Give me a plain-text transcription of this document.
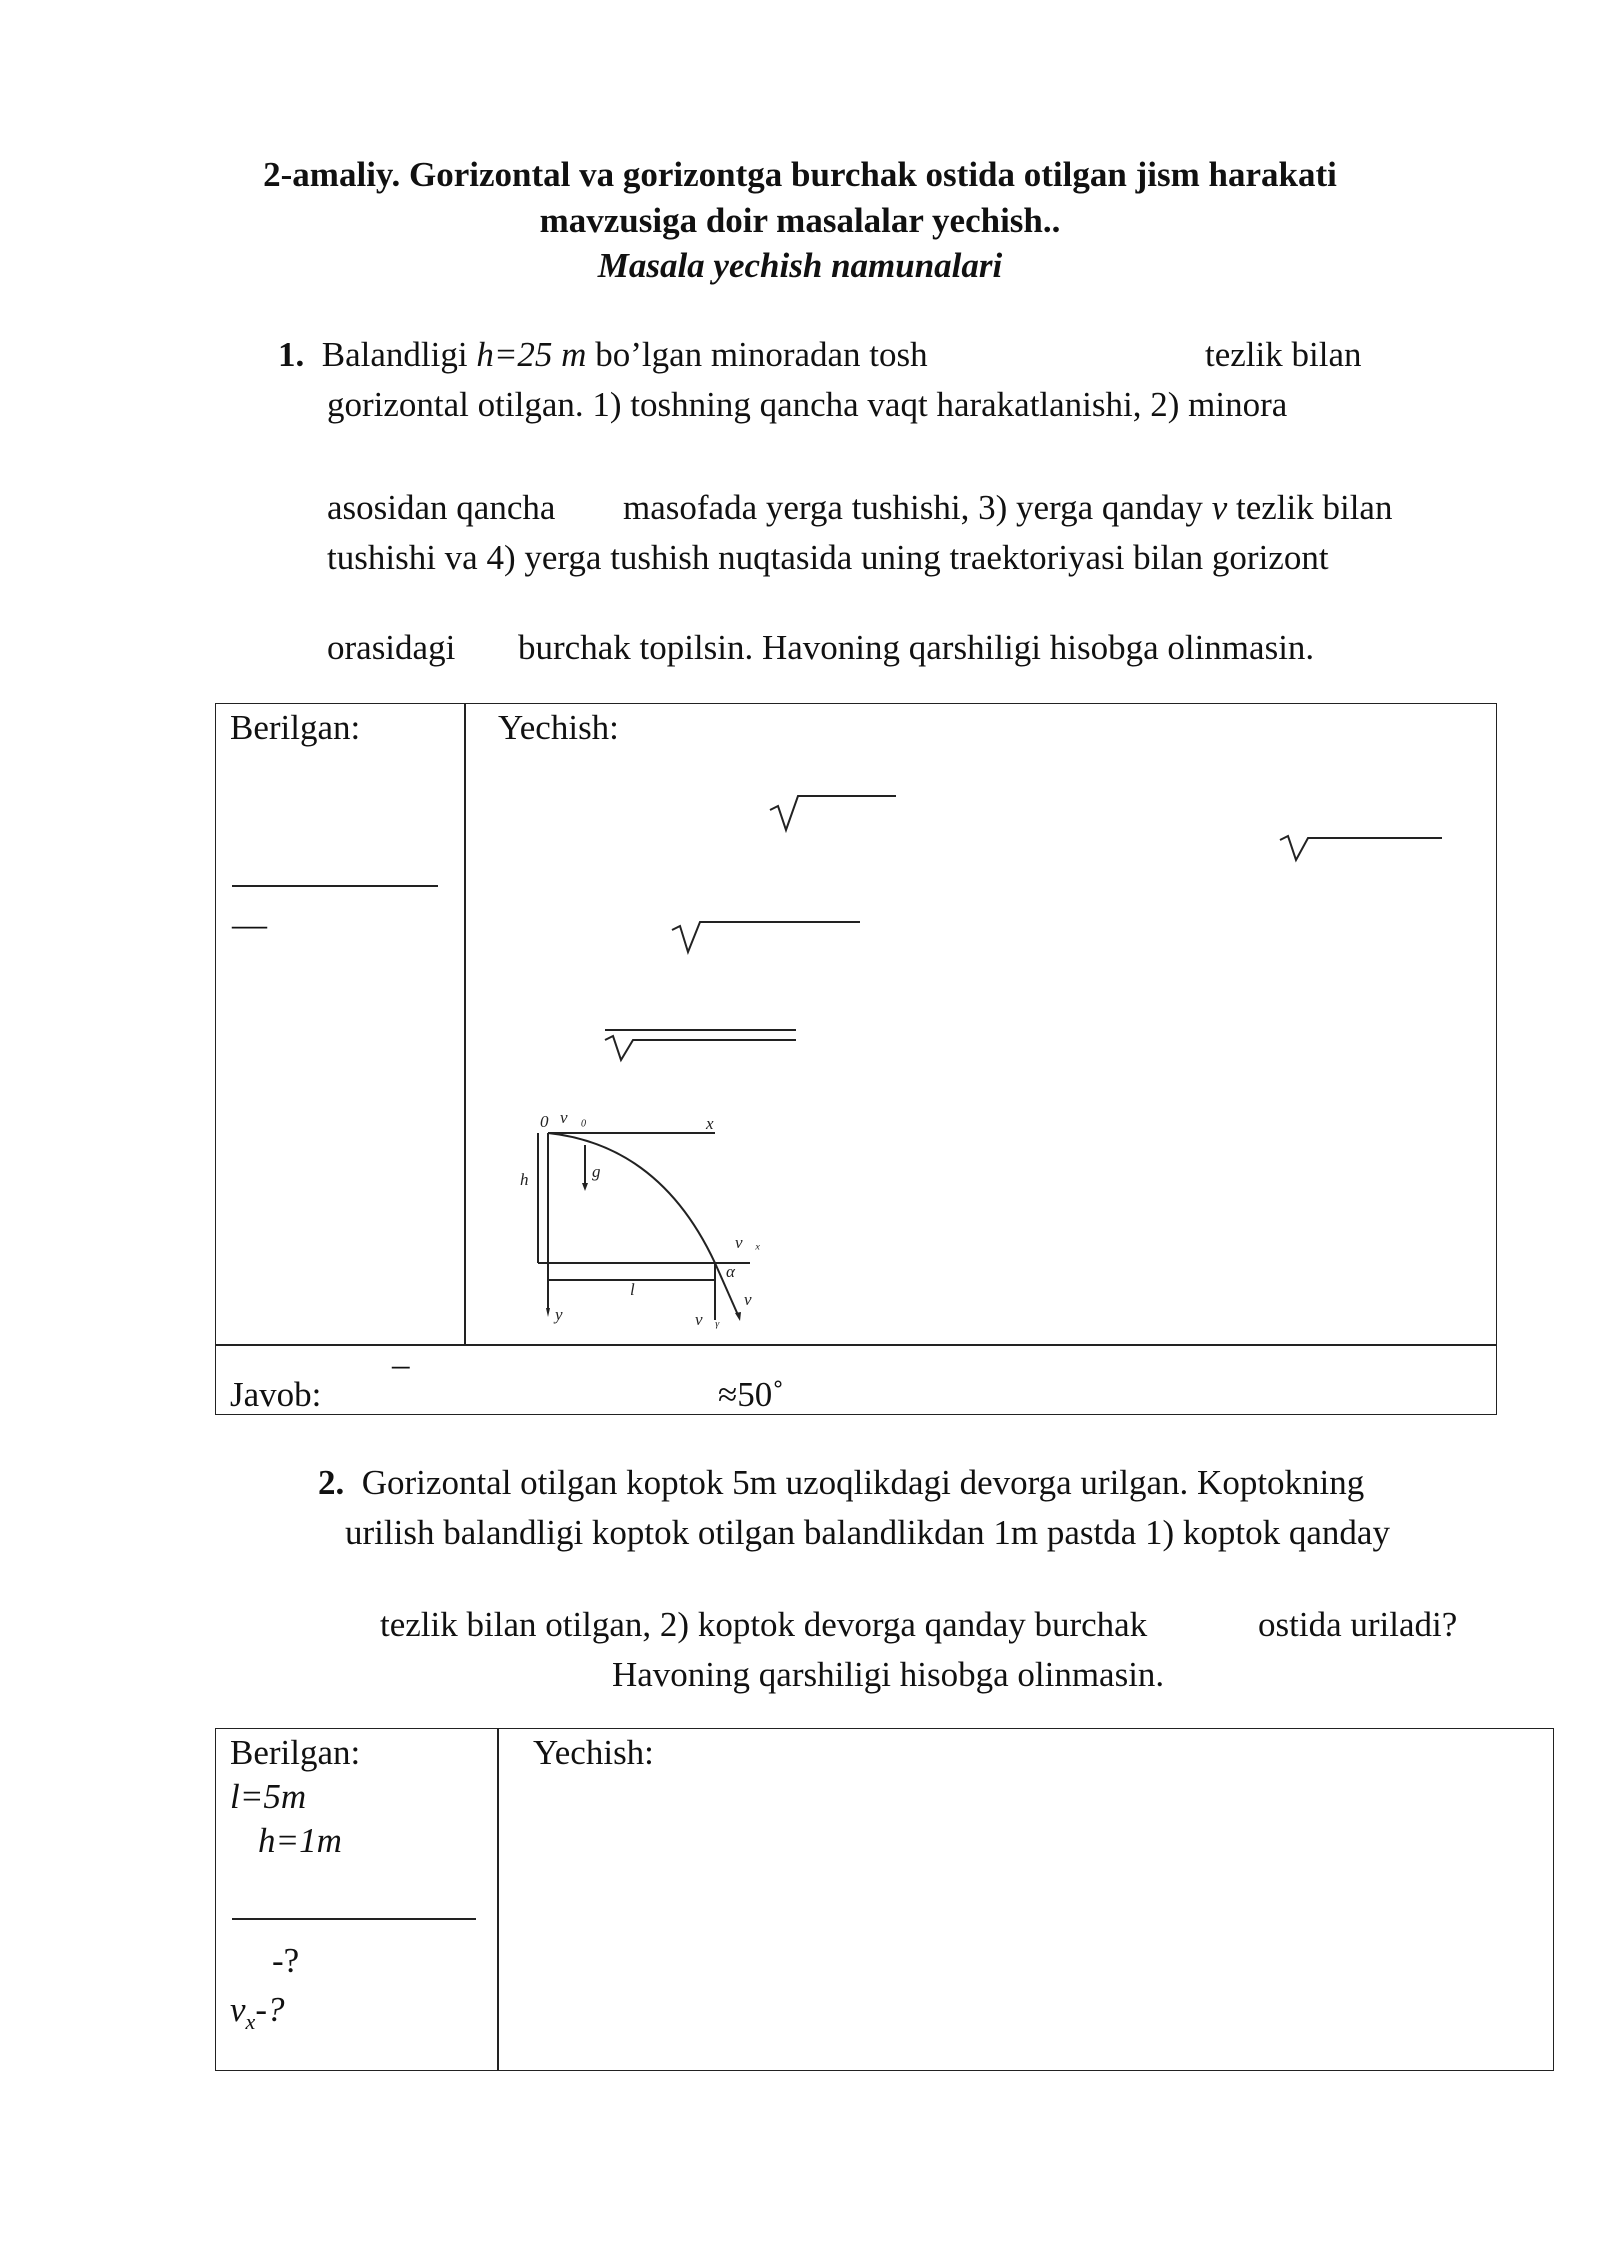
2-amaliy. Gorizontal va gorizontga burchak ostida otilgan jism harakati
mavzusiga doir masalalar yechish..
Masala yechish namunalari
1. Balandligi h=25 m bo’lgan minoradan tosh	tezlik bilan
gorizontal otilgan. 1) toshning qancha vaqt harakatlanishi, 2) minora
asosidan qancha masofada yerga tushishi, 3) yerga qanday v tezlik bilan
tushishi va 4) yerga tushish nuqtasida uning traektoriyasi bilan gorizont
orasidagi burchak topilsin. Havoning qarshiligi hisobga olinmasin.
Berilgan:
—
Yechish:
0 v⃗₀	x
h	g⃗
v⃗ₓ
α
l
y	v⃗ᵧ
v⃗
Javob:
–
≈50˚
2. Gorizontal otilgan koptok 5m uzoqlikdagi devorga urilgan. Koptokning
urilish balandligi koptok otilgan balandlikdan 1m pastda 1) koptok qanday
tezlik bilan otilgan, 2) koptok devorga qanday burchak	ostida uriladi?
Havoning qarshiligi hisobga olinmasin.
Berilgan:
l=5m
h=1m
-?
$v_x-$?
Yechish:
